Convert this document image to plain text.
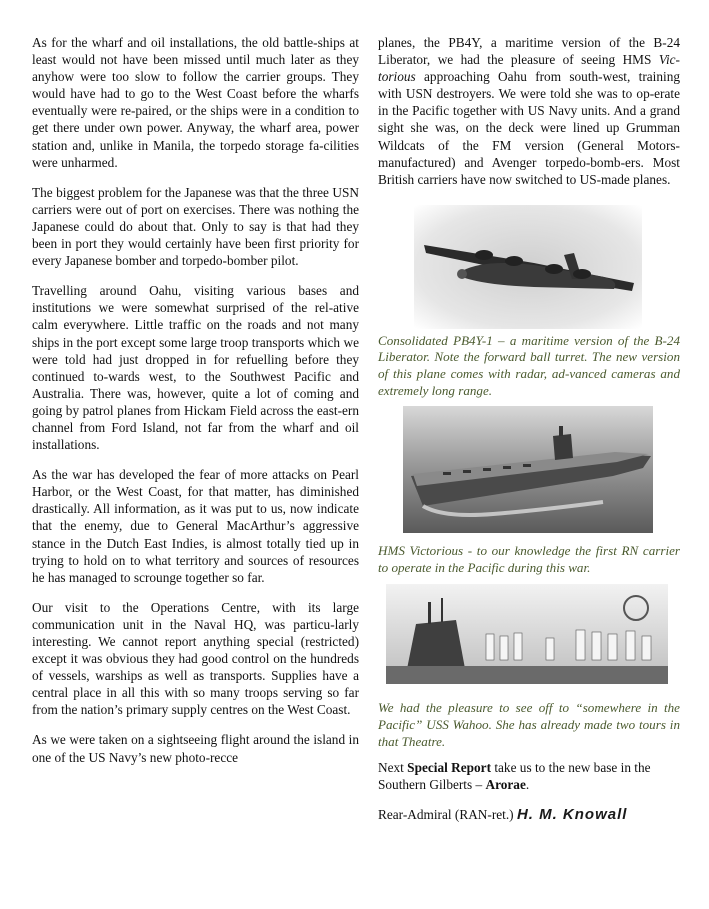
As for the wharf and oil installations, the old battle-ships at least would not have been missed until much later as they anyhow were too slow to follow the carrier groups. They would have had to go to the West Coast before the wharfs eventually were re-paired, or the ships were in a condition to get there under own power. Anyway, the wharf area, power station and, unlike in Manila, the torpedo storage fa-cilities were unharmed.

The biggest problem for the Japanese was that the three USN carriers were out of port on exercises. There was nothing the Japanese could do about that. Only to say is that had they been in port they would certainly have been first priority for every Japanese bomber and torpedo-bomber pilot.

Travelling around Oahu, visiting various bases and institutions we were somewhat surprised of the rel-ative calm everywhere. Little traffic on the roads and not many ships in the port except some large troop transports which we were told had just dropped in for refuelling before they continued to-wards west, to the Southwest Pacific and Australia. There was, however, quite a lot of coming and going by patrol planes from Hickam Field across the east-ern channel from Ford Island, not far from the wharf and oil installations.

As the war has developed the fear of more attacks on Pearl Harbor, or the West Coast, for that matter, has diminished drastically. All information, as it was put to us, now indicate that the enemy, due to General MacArthur’s aggressive stance in the Dutch East Indies, is almost totally tied up in trying to hold on to what territory and sources of resources he has managed to scrounge together so far.

Our visit to the Operations Centre, with its large communication unit in the Naval HQ, was particu-larly interesting. We cannot report anything special (restricted) except it was obvious they had good control on the hundreds of vessels, warships as well as transports. Supplies have a central place in all this with so many troops serving so far from the nation’s primary supply centres on the West Coast.

As we were taken on a sightseeing flight around the island in one of the US Navy’s new photo-recce

planes, the PB4Y, a maritime version of the B-24 Liberator, we had the pleasure of seeing HMS Vic-torious approaching Oahu from south-west, training with USN destroyers. We were told she was to op-erate in the Pacific together with US Navy units. And a grand sight she was, on the deck were lined up Grumman Wildcats of the FM version (General Motors-manufactured) and Avenger torpedo-bomb-ers. Most British carriers have now switched to US-made planes.

Consolidated PB4Y-1 – a maritime version of the B-24 Liberator. Note the forward ball turret. The new version of this plane comes with radar, ad-vanced cameras and extremely long range.

HMS Victorious - to our knowledge the first RN carrier to operate in the Pacific during this war.

We had the pleasure to see off to “somewhere in the Pacific” USS Wahoo. She has already made two tours in that Theatre.

Next Special Report take us to the new base in the Southern Gilberts – Arorae.

Rear-Admiral (RAN-ret.) H. M. Knowall
